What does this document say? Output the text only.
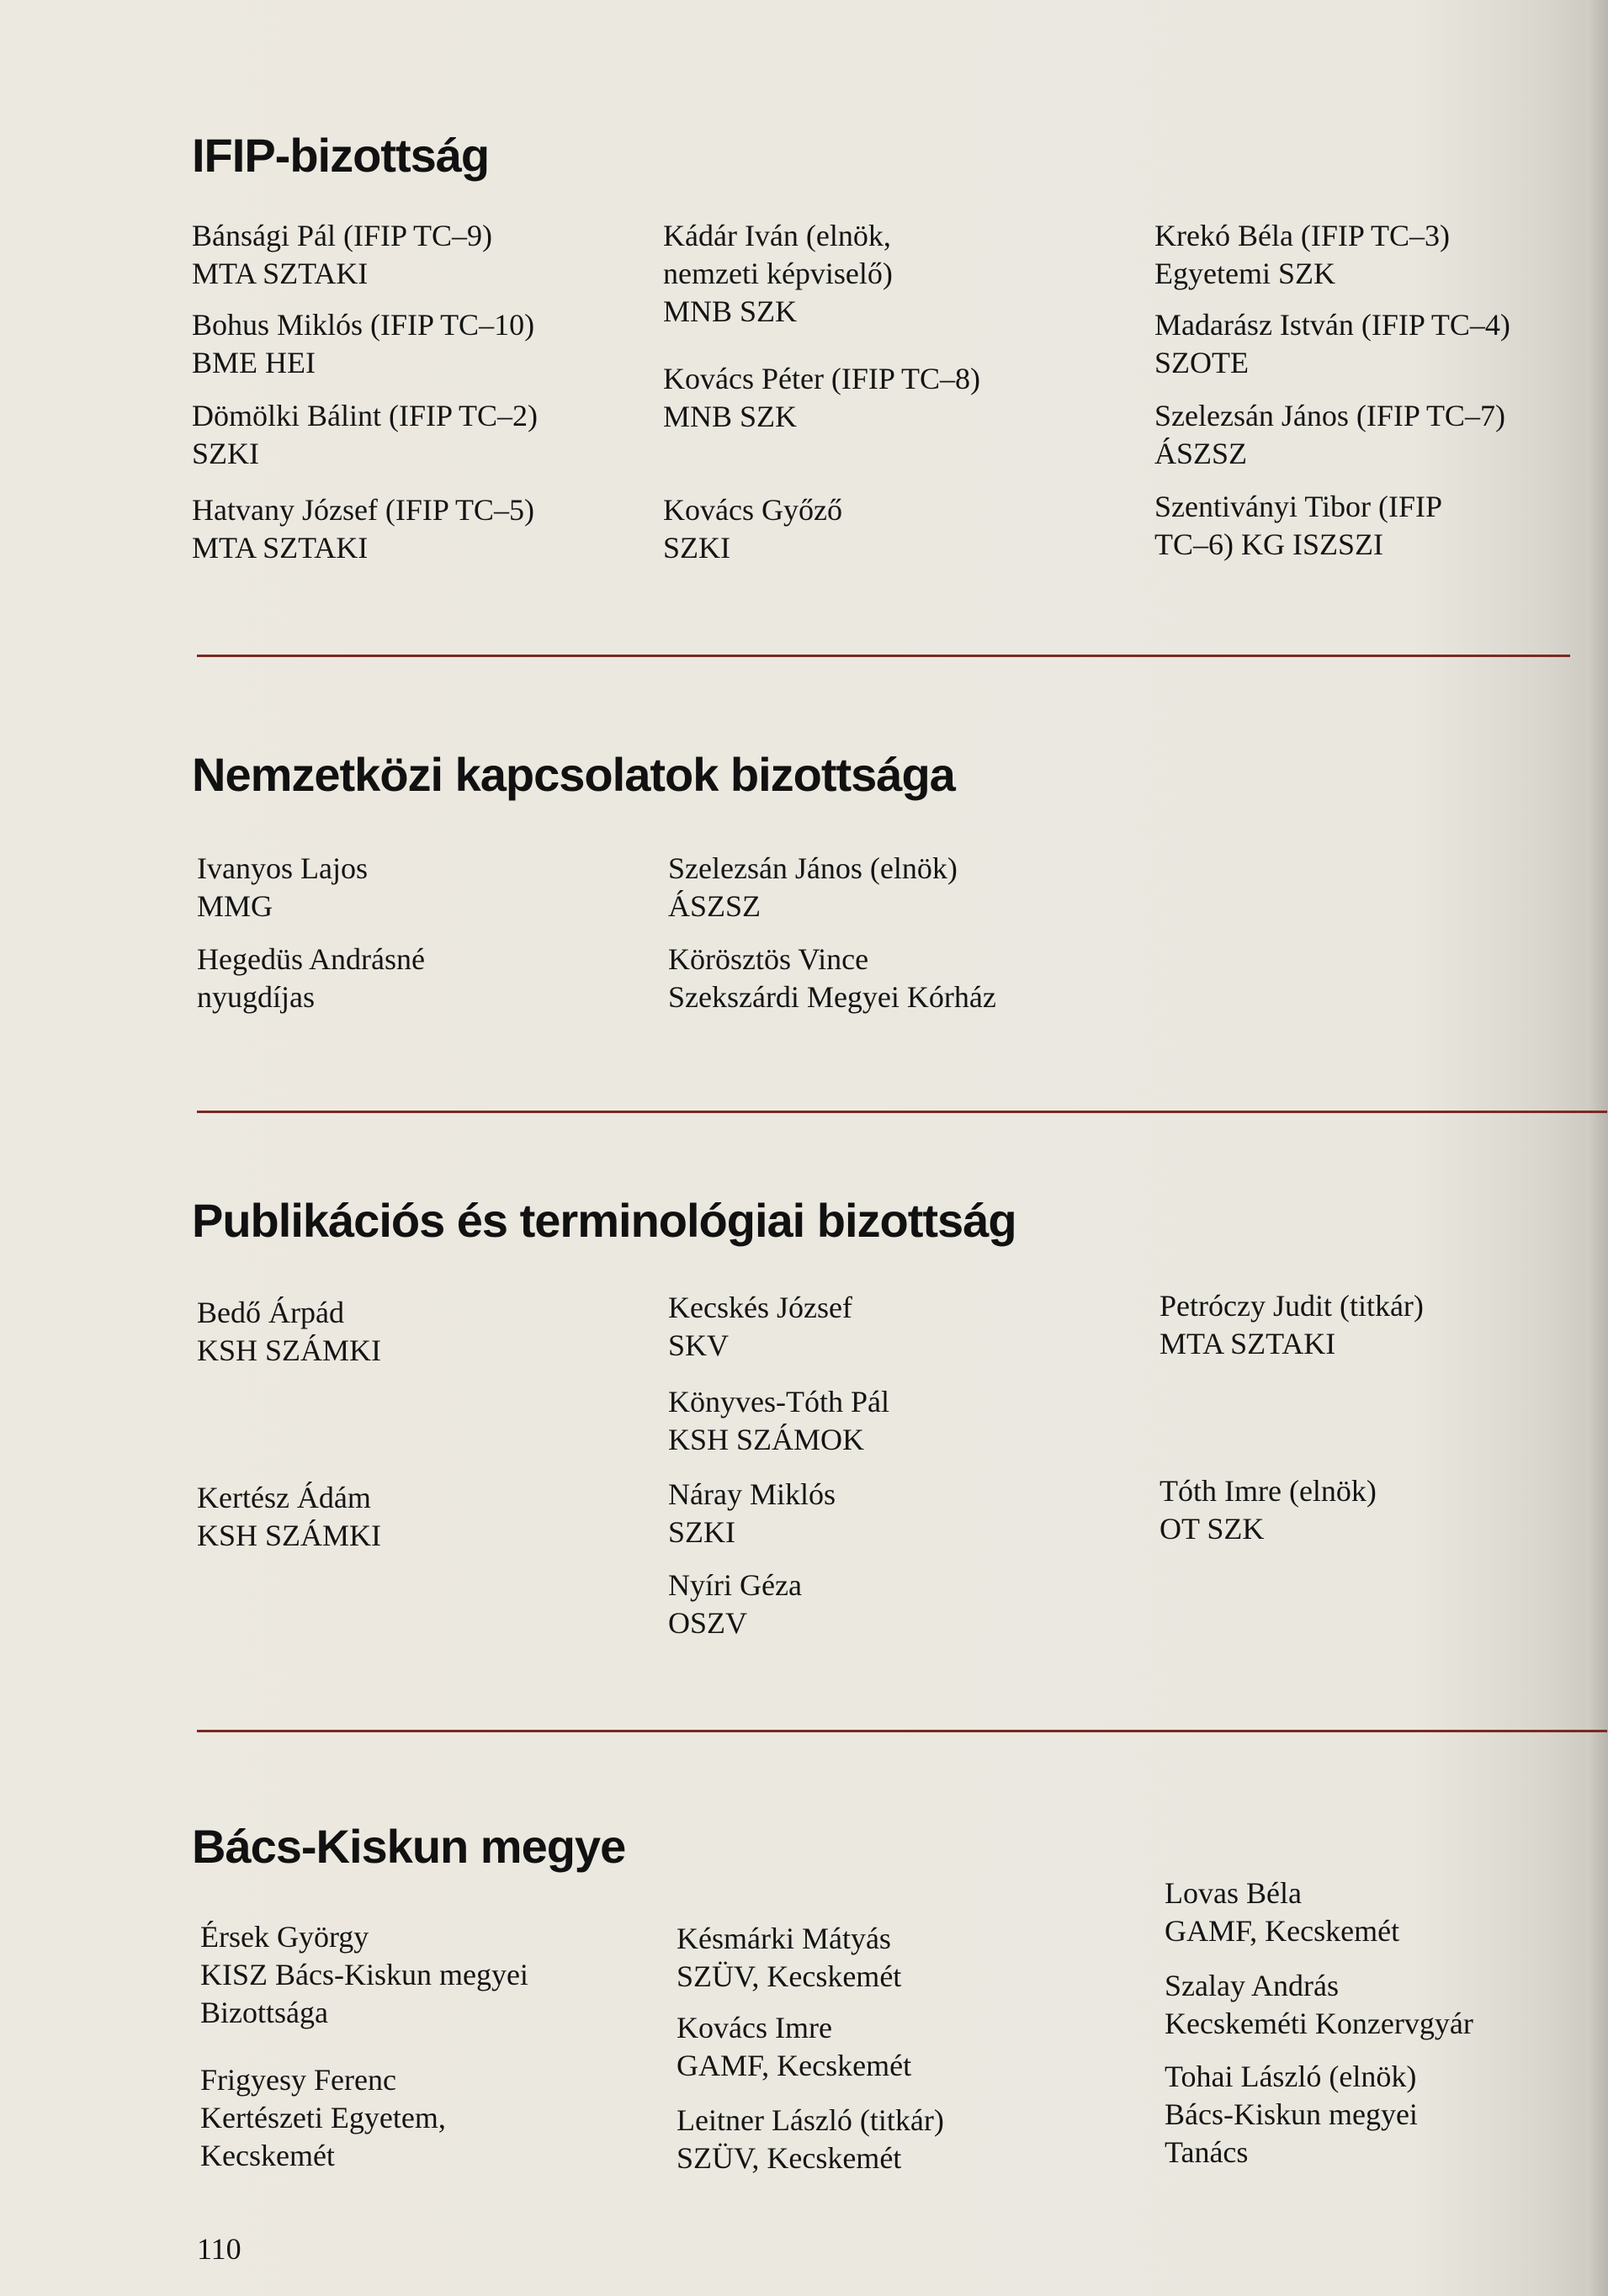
IFIP-bizottság
Bánsági Pál (IFIP TC–9)
MTA SZTAKI
Bohus Miklós (IFIP TC–10)
BME HEI
Dömölki Bálint (IFIP TC–2)
SZKI
Hatvany József (IFIP TC–5)
MTA SZTAKI
Kádár Iván (elnök,
nemzeti képviselő)
MNB SZK
Kovács Péter (IFIP TC–8)
MNB SZK
Kovács Győző
SZKI
Krekó Béla (IFIP TC–3)
Egyetemi SZK
Madarász István (IFIP TC–4)
SZOTE
Szelezsán János (IFIP TC–7)
ÁSZSZ
Szentiványi Tibor (IFIP
TC–6) KG ISZSZI
Nemzetközi kapcsolatok bizottsága
Ivanyos Lajos
MMG
Hegedüs Andrásné
nyugdíjas
Szelezsán János (elnök)
ÁSZSZ
Körösztös Vince
Szekszárdi Megyei Kórház
Publikációs és terminológiai bizottság
Bedő Árpád
KSH SZÁMKI
Kertész Ádám
KSH SZÁMKI
Kecskés József
SKV
Könyves-Tóth Pál
KSH SZÁMOK
Náray Miklós
SZKI
Nyíri Géza
OSZV
Petróczy Judit (titkár)
MTA SZTAKI
Tóth Imre (elnök)
OT SZK
Bács-Kiskun megye
Érsek György
KISZ Bács-Kiskun megyei
Bizottsága
Frigyesy Ferenc
Kertészeti Egyetem,
Kecskemét
Késmárki Mátyás
SZÜV, Kecskemét
Kovács Imre
GAMF, Kecskemét
Leitner László (titkár)
SZÜV, Kecskemét
Lovas Béla
GAMF, Kecskemét
Szalay András
Kecskeméti Konzervgyár
Tohai László (elnök)
Bács-Kiskun megyei
Tanács
110
